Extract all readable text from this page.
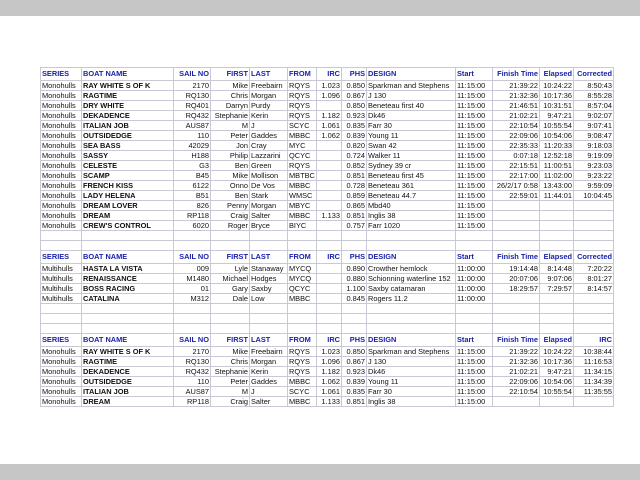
SERIES	BOAT NAME	SAIL NO	FIRST	LAST	FROM	IRC	PHS	DESIGN	Start	Finish Time	Elapsed	Corrected
Monohulls	RAY WHITE S OF K	2170	Mike	Freebairn	RQYS	1.023	0.850	Sparkman and Stephens	11:15:00	21:39:22	10:24:22	8:50:43
Monohulls	RAGTIME	RQ130	Chris	Morgan	RQYS	1.096	0.867	J 130	11:15:00	21:32:36	10:17:36	8:55:28
Monohulls	DRY WHITE	RQ401	Darryn	Purdy	RQYS		0.850	Beneteau first 40	11:15:00	21:46:51	10:31:51	8:57:04
Monohulls	DEKADENCE	RQ432	Stephanie	Kerin	RQYS	1.182	0.923	Dk46	11:15:00	21:02:21	9:47:21	9:02:07
Monohulls	ITALIAN JOB	AUS87	M	J	SCYC	1.061	0.835	Farr 30	11:15:00	22:10:54	10:55:54	9:07:41
Monohulls	OUTSIDEDGE	110	Peter	Gaddes	MBBC	1.062	0.839	Young 11	11:15:00	22:09:06	10:54:06	9:08:47
Monohulls	SEA BASS	42029	Jon	Cray	MYC		0.820	Swan 42	11:15:00	22:35:33	11:20:33	9:18:03
Monohulls	SASSY	H188	Philip	Lazzarini	QCYC		0.724	Walker 11	11:15:00	0:07:18	12:52:18	9:19:09
Monohulls	CELESTE	G3	Ben	Green	RQYS		0.852	Sydney 39 cr	11:15:00	22:15:51	11:00:51	9:23:03
Monohulls	SCAMP	B45	Mike	Mollison	MBTBC		0.851	Beneteau first 45	11:15:00	22:17:00	11:02:00	9:23:22
Monohulls	FRENCH KISS	6122	Onno	De Vos	MBBC		0.728	Beneteau 361	11:15:00	26/2/17 0:58	13:43:00	9:59:09
Monohulls	LADY HELENA	B51	Ben	Stark	WMSC		0.859	Beneteau 44.7	11:15:00	22:59:01	11:44:01	10:04:45
Monohulls	DREAM LOVER	826	Penny	Morgan	MBYC		0.865	Mbd40	11:15:00			
Monohulls	DREAM	RP118	Craig	Salter	MBBC	1.133	0.851	Inglis 38	11:15:00			
Monohulls	CREW'S CONTROL	6020	Roger	Bryce	BIYC		0.757	Farr 1020	11:15:00			

SERIES	BOAT NAME	SAIL NO	FIRST	LAST	FROM	IRC	PHS	DESIGN	Start	Finish Time	Elapsed	Corrected
Multihulls	HASTA LA VISTA	009	Lyle	Stanaway	MYCQ		0.890	Crowther hemlock	11:00:00	19:14:48	8:14:48	7:20:22
Multihulls	RENAISSANCE	M1480	Michael	Hodges	MYCQ		0.880	Schionning waterline 152	11:00:00	20:07:06	9:07:06	8:01:27
Multihulls	BOSS RACING	01	Gary	Saxby	QCYC		1.100	Saxby catamaran	11:00:00	18:29:57	7:29:57	8:14:57
Multihulls	CATALINA	M312	Dale	Low	MBBC		0.845	Rogers 11.2	11:00:00			

SERIES	BOAT NAME	SAIL NO	FIRST	LAST	FROM	IRC	PHS	DESIGN	Start	Finish Time	Elapsed	IRC
Monohulls	RAY WHITE S OF K	2170	Mike	Freebairn	RQYS	1.023	0.850	Sparkman and Stephens	11:15:00	21:39:22	10:24:22	10:38:44
Monohulls	RAGTIME	RQ130	Chris	Morgan	RQYS	1.096	0.867	J 130	11:15:00	21:32:36	10:17:36	11:16:53
Monohulls	DEKADENCE	RQ432	Stephanie	Kerin	RQYS	1.182	0.923	Dk46	11:15:00	21:02:21	9:47:21	11:34:15
Monohulls	OUTSIDEDGE	110	Peter	Gaddes	MBBC	1.062	0.839	Young 11	11:15:00	22:09:06	10:54:06	11:34:39
Monohulls	ITALIAN JOB	AUS87	M	J	SCYC	1.061	0.835	Farr 30	11:15:00	22:10:54	10:55:54	11:35:55
Monohulls	DREAM	RP118	Craig	Salter	MBBC	1.133	0.851	Inglis 38	11:15:00			
